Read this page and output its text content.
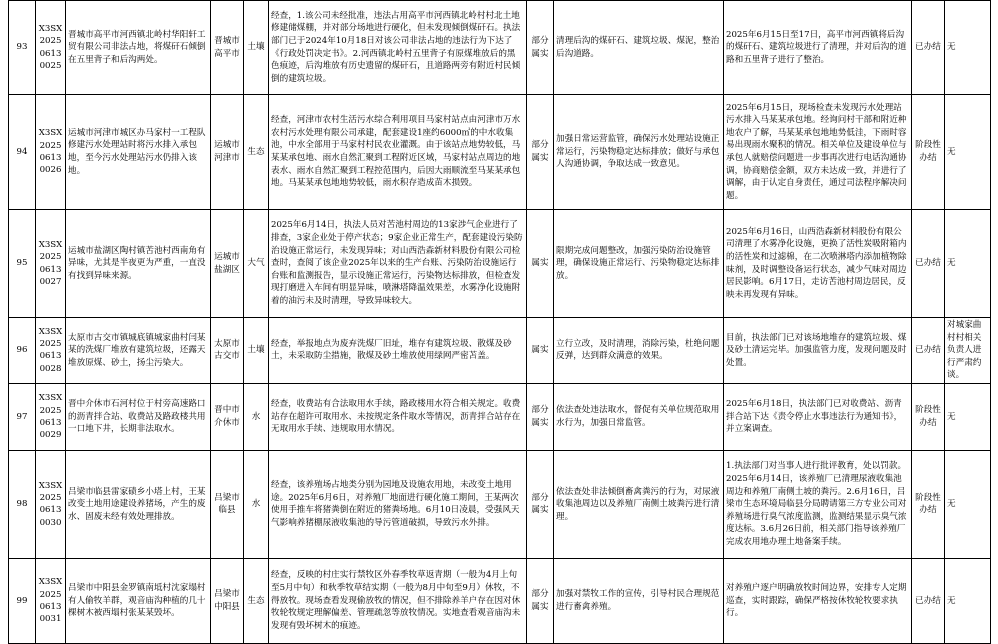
93	X3SX202506130025	晋城市高平市河西镇北岭村华阳轩工贸有限公司非法占地，将煤矸石倾倒在五里背子和后沟两处。	晋城市高平市	土壤	经查，1.该公司未经批准，违法占用高平市河西镇北岭村村北土地修建储煤棚，并对部分场地进行硬化，但未发现倾倒煤矸石。执法部门已于2024年10月18日对该公司非法占地的违法行为下达了《行政处罚决定书》。2.河西镇北岭村五里背子有原煤堆放后的黑色痕迹，后沟堆放有历史遗留的煤矸石，且道路两旁有附近村民倾倒的建筑垃圾。	部分属实	清理后沟的煤矸石、建筑垃圾、煤泥，整治后沟道路。	2025年6月15日至17日，高平市河西镇将后沟的煤矸石、建筑垃圾进行了清理，并对后沟的道路和五里背子进行了整治。	已办结	无
94	X3SX202506130026	运城市河津市城区办马家村一工程队修建污水处理站时将污水排入承包地，至今污水处理站污水仍排入该地。	运城市河津市	生态	经查，河津市农村生活污水综合利用项目马家村站点由河津市万水农村污水处理有限公司承建，配套建设1座约6000㎡的中水收集池，中水全部用于马家村村民农业灌溉。由于该站点地势较低，马某某承包地、雨水自然汇聚到工程附近区域，马家村站点周边的地表水、雨水自然汇聚到工程控范围内，后因大雨顺流至马某某承包地。马某某承包地地势较低，雨水积存造成苗木损毁。	部分属实	加强日常运营监管，确保污水处理站设施正常运行，污染物稳定达标排放；做好与承包人沟通协调，争取达成一致意见。	2025年6月15日，现场检查未发现污水处理站污水排入马某某承包地。经询问村干部和附近种地农户了解，马某某承包地地势低洼，下雨时容易出现雨水聚积的情况。相关单位及建设单位与承包人就赔偿问题进一步事再次进行电话沟通协调，协商赔偿金额，双方未达成一致，并进行了调解，由于认定自身责任，通过司法程序解决问题。	阶段性办结	无
95	X3SX202506130027	运城市盐湖区陶村镇苦池村西南角有异味，尤其是半夜更为严重，一直没有找到异味来源。	运城市盐湖区	大气	2025年6月14日，执法人员对苦池村周边的13家涉气企业进行了排查，3家企业处于停产状态；9家企业正常生产，配套建设污染防治设施正常运行，未发现异味；对山西浩森新材料股份有限公司检查时，查阅了该企业2025年以来的生产台账、污染防治设施运行台账和监测报告，显示设施正常运行，污染物达标排放，但检查发现打磨进入车间有明显异味，喷淋塔降温效果差，水雾净化设施附着的油污未及时清理，导致异味较大。	属实	限期完成问题整改，加强污染防治设施管理，确保设施正常运行、污染物稳定达标排放。	2025年6月16日，山西浩森新材料股份有限公司清理了水雾净化设施，更换了活性炭吸附箱内的活性炭和过滤棉，在二次喷淋塔内添加植物除味剂，及时调整设备运行状态，减少气味对周边居民影响。6月17日，走访苦池村周边居民，反映未再发现有异味。	已办结	无
96	X3SX202506130028	太原市古交市镇城底镇城家曲村闫某某的洗煤厂堆放有建筑垃圾，还露天堆放原煤、砂土，扬尘污染大。	太原市古交市	土壤	经查，举报地点为废弃洗煤厂旧址，堆存有建筑垃圾、散煤及砂土，未采取防尘措施，散煤及砂土堆放使用绿网严密苫盖。	属实	立行立改，及时清理，消除污染，杜绝问题反弹，达到群众满意的效果。	目前，执法部门已对该场地堆存的建筑垃圾、煤及砂土清运完毕。加强监管力度，发现问题及时处置。	已办结	对城家曲村村相关负责人进行严肃约谈。
97	X3SX202506130029	晋中介休市石河村位于村旁高速路口的沥青拌合站、收费站及路政楼共用一口地下井，长期非法取水。	晋中市介休市	水	经查，收费站有合法取用水手续，路政楼用水符合相关规定。收费站存在超许可取用水、未按规定条件取水等情况，沥青拌合站存在无取用水手续、违规取用水情况。	部分属实	依法查处违法取水，督促有关单位规范取用水行为，加强日常监管。	2025年6月18日，执法部门已对收费站、沥青拌合站下达《责令停止水事违法行为通知书》，并立案调查。	阶段性办结	无
98	X3SX202506130030	吕梁市临县雷家碛乡小塔上村，王某改变土地用途建设养猪场，产生的废水、固废未经有效处理排放。	吕梁市临县	水	经查，该养殖场占地类分别为园地及设施农用地，未改变土地用途。2025年6月6日，对养殖厂地面进行硬化施工期间，王某两次使用手推车将猪粪倒在附近的猪粪场地。6月10日凌晨，受强风天气影响养猪棚尿液收集池的导污管道破损，导致污水外排。	部分属实	依法查处非法倾倒畜禽粪污的行为，对尿液收集池周边以及养殖厂南侧土坡粪污进行清理。	1.执法部门对当事人进行批评教育，处以罚款。2025年6月14日，该养殖厂已清理尿液收集池周边和养殖厂南侧土坡的粪污。2.6月16日，吕梁市生态环境局临县分局聘请第三方专业公司对养殖场进行臭气浓度监测，监测结果显示臭气浓度达标。3.6月26日前，相关部门指导该养殖厂完成农用地办理土地备案手续。	阶段性办结	无
99	X3SX202506130031	吕梁市中阳县金罗镇南坻村沈家塌村有人偷牧羊群，观音庙沟种植的几十棵树木被西塌村张某某毁坏。	吕梁市中阳县	生态	经查，反映的村庄实行禁牧区外春季牧草返青期（一般为4月上旬至5月中旬）和秋季牧草结实期（一般为8月中旬至9月）休牧，不得放牧。现场查看发现偷放牧的情况，但不排除养羊户存在因对休牧轮牧规定理解偏差、管理疏忽等放牧情况。实地查看观音庙沟未发现有毁坏树木的痕迹。	部分属实	加强对禁牧工作的宣传，引导村民合理规范进行畜禽养殖。	对养殖户逐户明确放牧时间边界，安排专人定期巡查，实时跟踪，确保严格按休牧轮牧要求执行。	已办结	无
